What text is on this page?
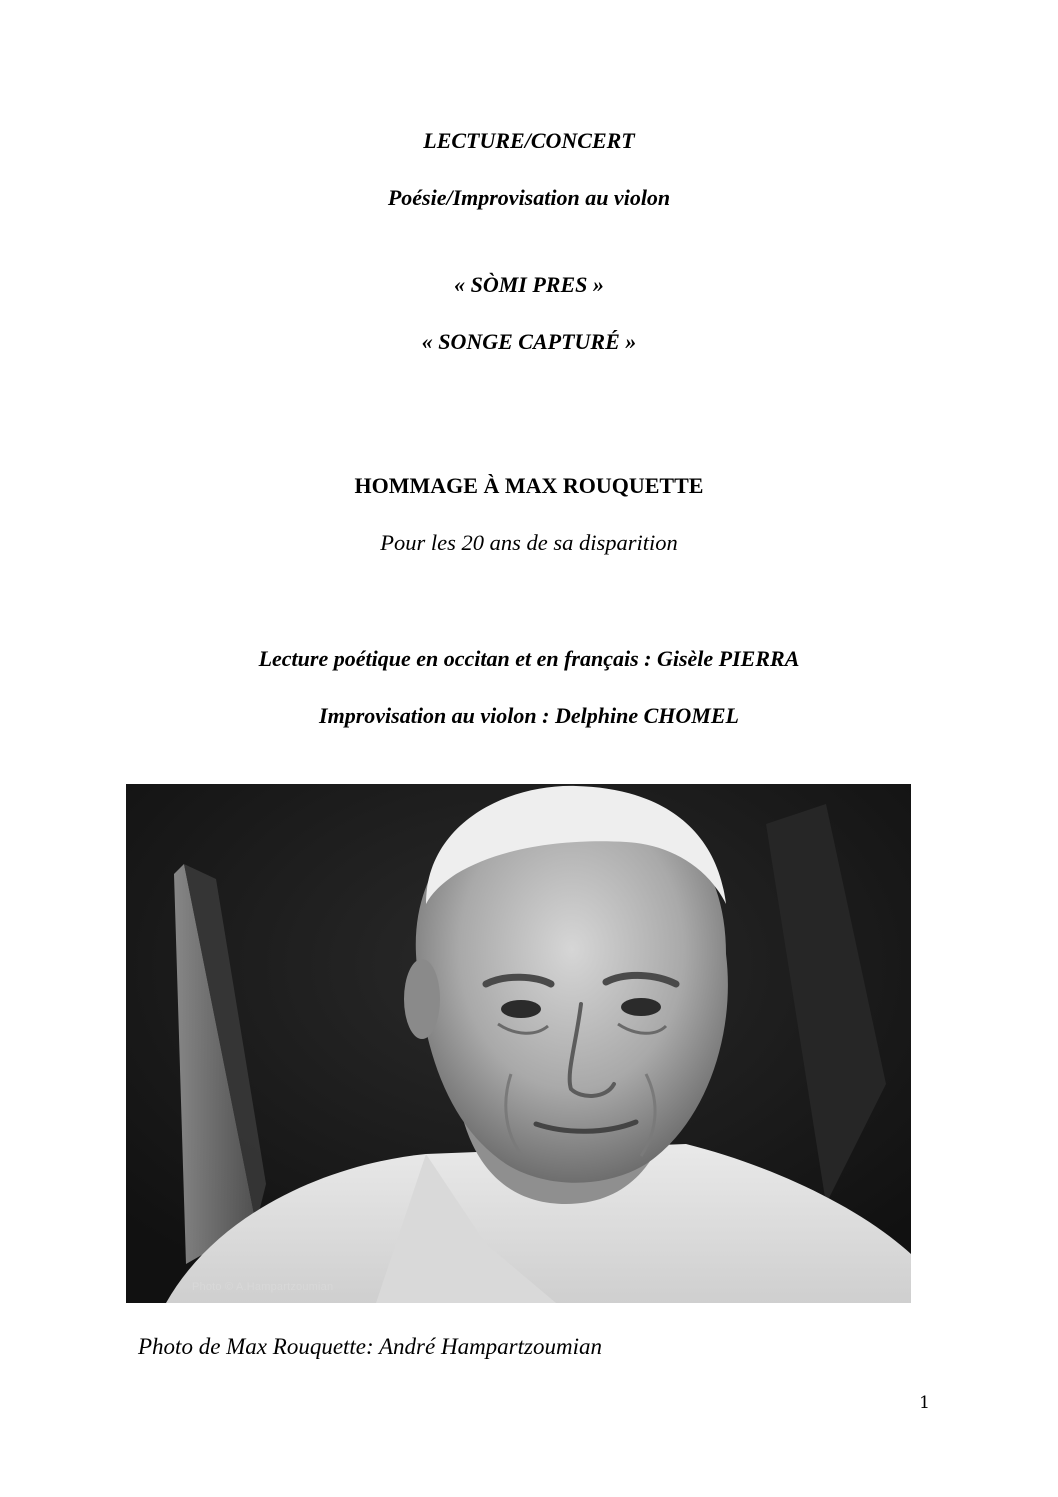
LECTURE/CONCERT
Poésie/Improvisation au violon
« SÒMI PRES »
« SONGE CAPTURÉ »
HOMMAGE À MAX ROUQUETTE
Pour les 20 ans de sa disparition
Lecture poétique en occitan et en français : Gisèle PIERRA
Improvisation au violon : Delphine CHOMEL
Photo © A.Hampartzoumian
Photo de Max Rouquette: André Hampartzoumian
1
